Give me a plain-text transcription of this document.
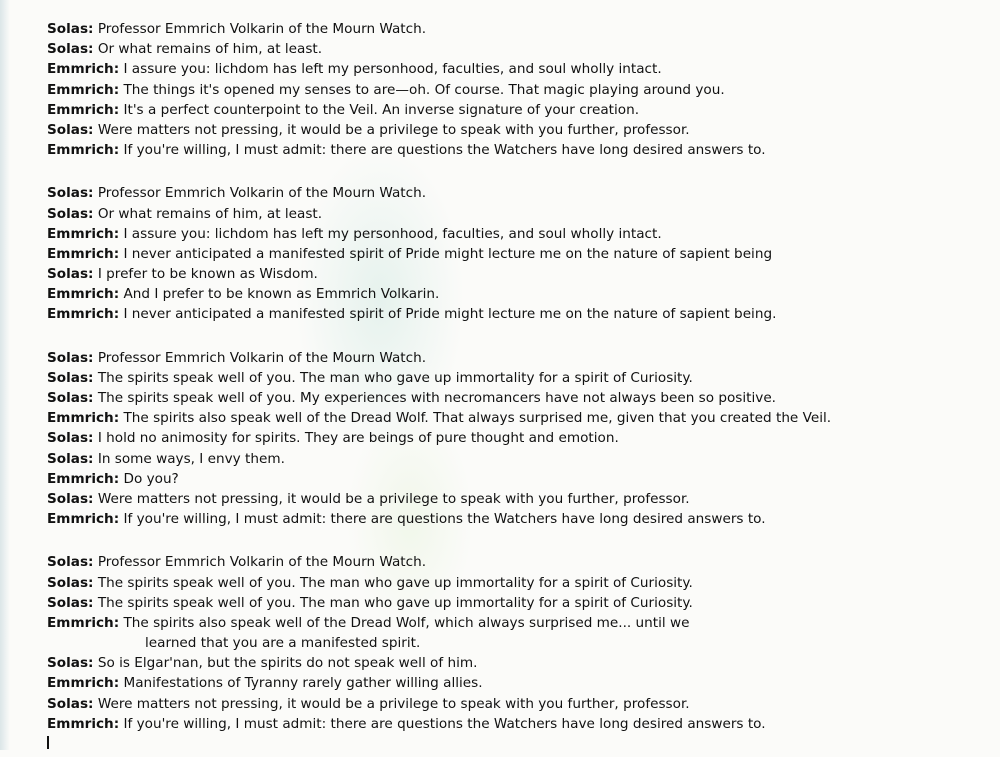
Solas: Professor Emmrich Volkarin of the Mourn Watch.
Solas: Or what remains of him, at least.
Emmrich: I assure you: lichdom has left my personhood, faculties, and soul wholly intact.
Emmrich: The things it's opened my senses to are—oh. Of course. That magic playing around you.
Emmrich: It's a perfect counterpoint to the Veil. An inverse signature of your creation.
Solas: Were matters not pressing, it would be a privilege to speak with you further, professor.
Emmrich: If you're willing, I must admit: there are questions the Watchers have long desired answers to.
Solas: Professor Emmrich Volkarin of the Mourn Watch.
Solas: Or what remains of him, at least.
Emmrich: I assure you: lichdom has left my personhood, faculties, and soul wholly intact.
Emmrich: I never anticipated a manifested spirit of Pride might lecture me on the nature of sapient being
Solas: I prefer to be known as Wisdom.
Emmrich: And I prefer to be known as Emmrich Volkarin.
Emmrich: I never anticipated a manifested spirit of Pride might lecture me on the nature of sapient being.
Solas: Professor Emmrich Volkarin of the Mourn Watch.
Solas: The spirits speak well of you. The man who gave up immortality for a spirit of Curiosity.
Solas: The spirits speak well of you. My experiences with necromancers have not always been so positive.
Emmrich: The spirits also speak well of the Dread Wolf. That always surprised me, given that you created the Veil.
Solas: I hold no animosity for spirits. They are beings of pure thought and emotion.
Solas: In some ways, I envy them.
Emmrich: Do you?
Solas: Were matters not pressing, it would be a privilege to speak with you further, professor.
Emmrich: If you're willing, I must admit: there are questions the Watchers have long desired answers to.
Solas: Professor Emmrich Volkarin of the Mourn Watch.
Solas: The spirits speak well of you. The man who gave up immortality for a spirit of Curiosity.
Solas: The spirits speak well of you. The man who gave up immortality for a spirit of Curiosity.
Emmrich: The spirits also speak well of the Dread Wolf, which always surprised me... until we
learned that you are a manifested spirit.
Solas: So is Elgar'nan, but the spirits do not speak well of him.
Emmrich: Manifestations of Tyranny rarely gather willing allies.
Solas: Were matters not pressing, it would be a privilege to speak with you further, professor.
Emmrich: If you're willing, I must admit: there are questions the Watchers have long desired answers to.
